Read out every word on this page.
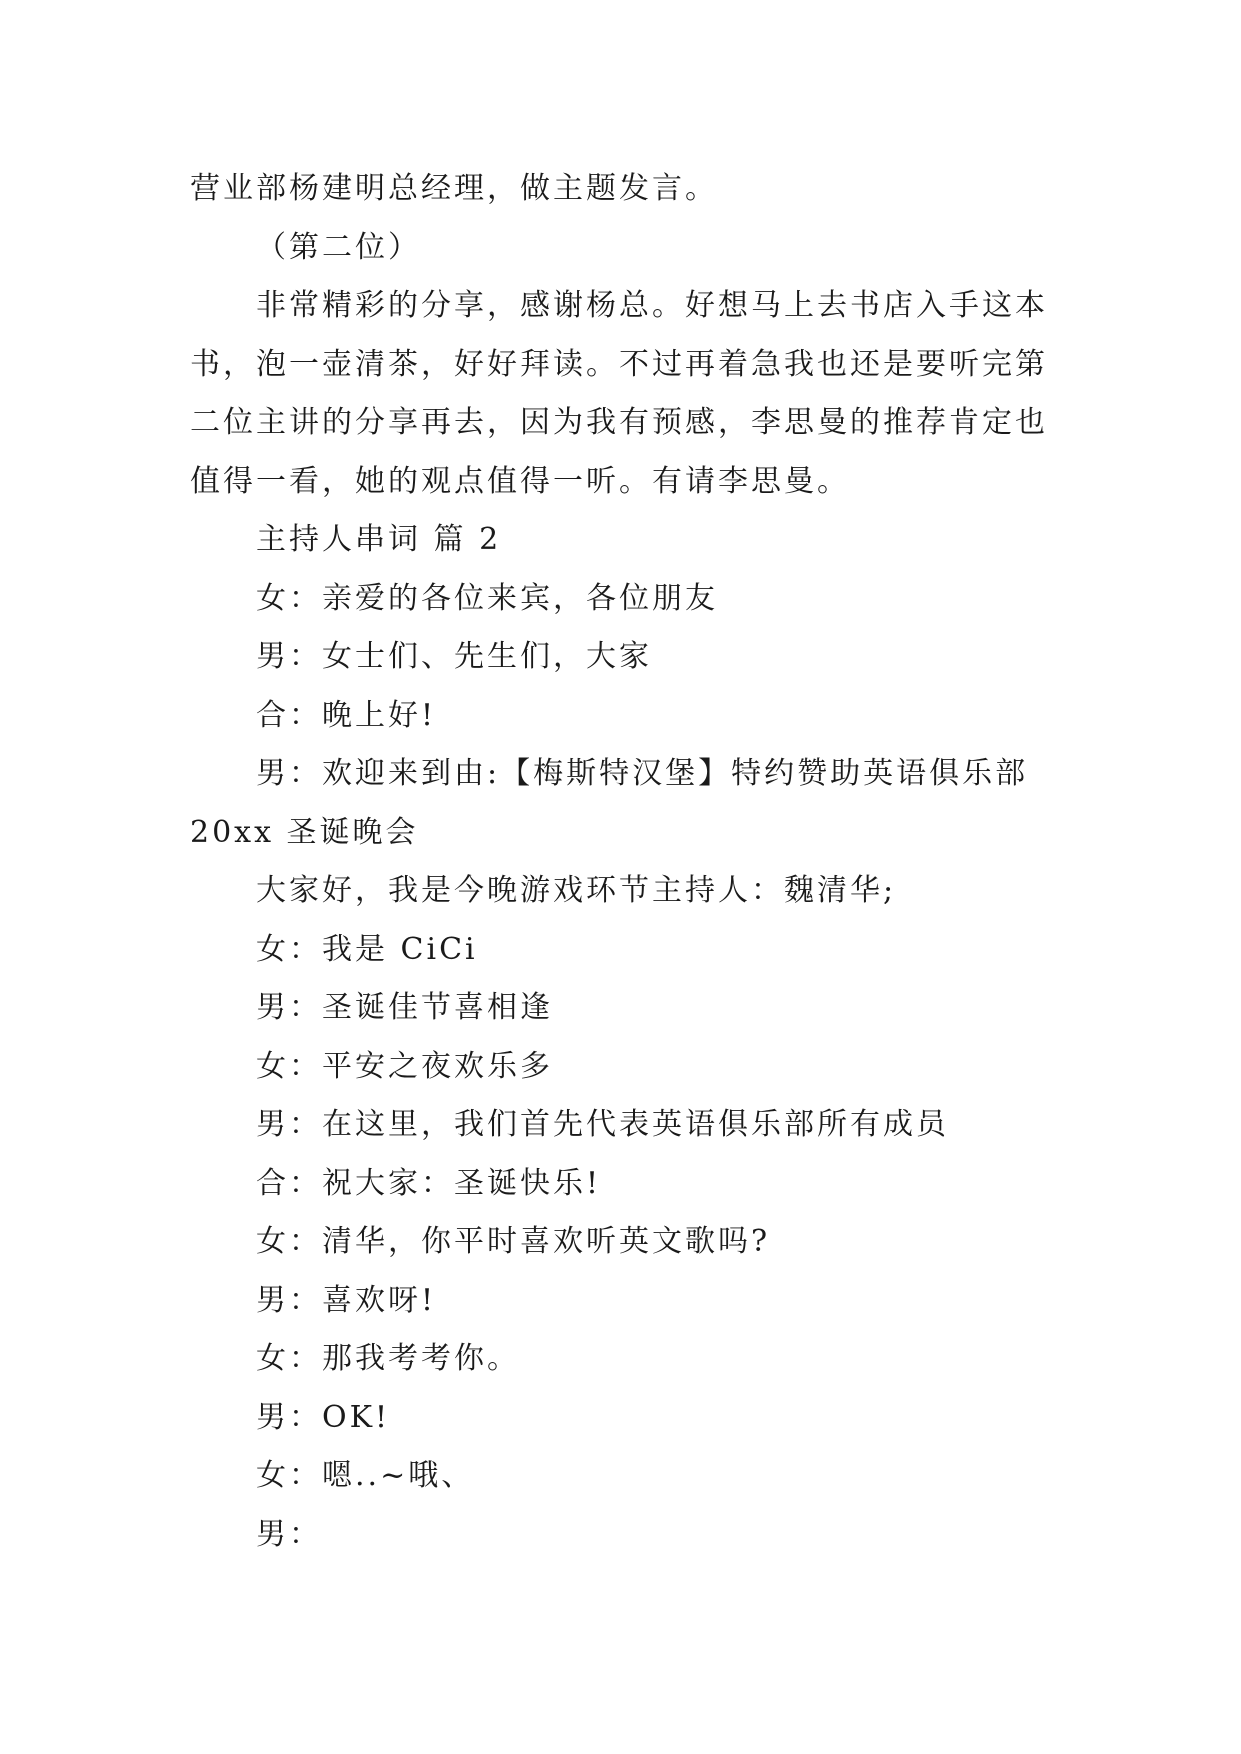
营业部杨建明总经理，做主题发言。

（第二位）

非常精彩的分享，感谢杨总。好想马上去书店入手这本书，泡一壶清茶，好好拜读。不过再着急我也还是要听完第二位主讲的分享再去，因为我有预感，李思曼的推荐肯定也值得一看，她的观点值得一听。有请李思曼。

主持人串词 篇 2

女：亲爱的各位来宾，各位朋友

男：女士们、先生们，大家

合：晚上好!

男：欢迎来到由:【梅斯特汉堡】特约赞助英语俱乐部 20xx 圣诞晚会

大家好，我是今晚游戏环节主持人：魏清华;

女：我是 CiCi

男：圣诞佳节喜相逢

女：平安之夜欢乐多

男：在这里，我们首先代表英语俱乐部所有成员

合：祝大家：圣诞快乐!

女：清华，你平时喜欢听英文歌吗?

男：喜欢呀!

女：那我考考你。

男：OK!

女：嗯..~哦、

男：
